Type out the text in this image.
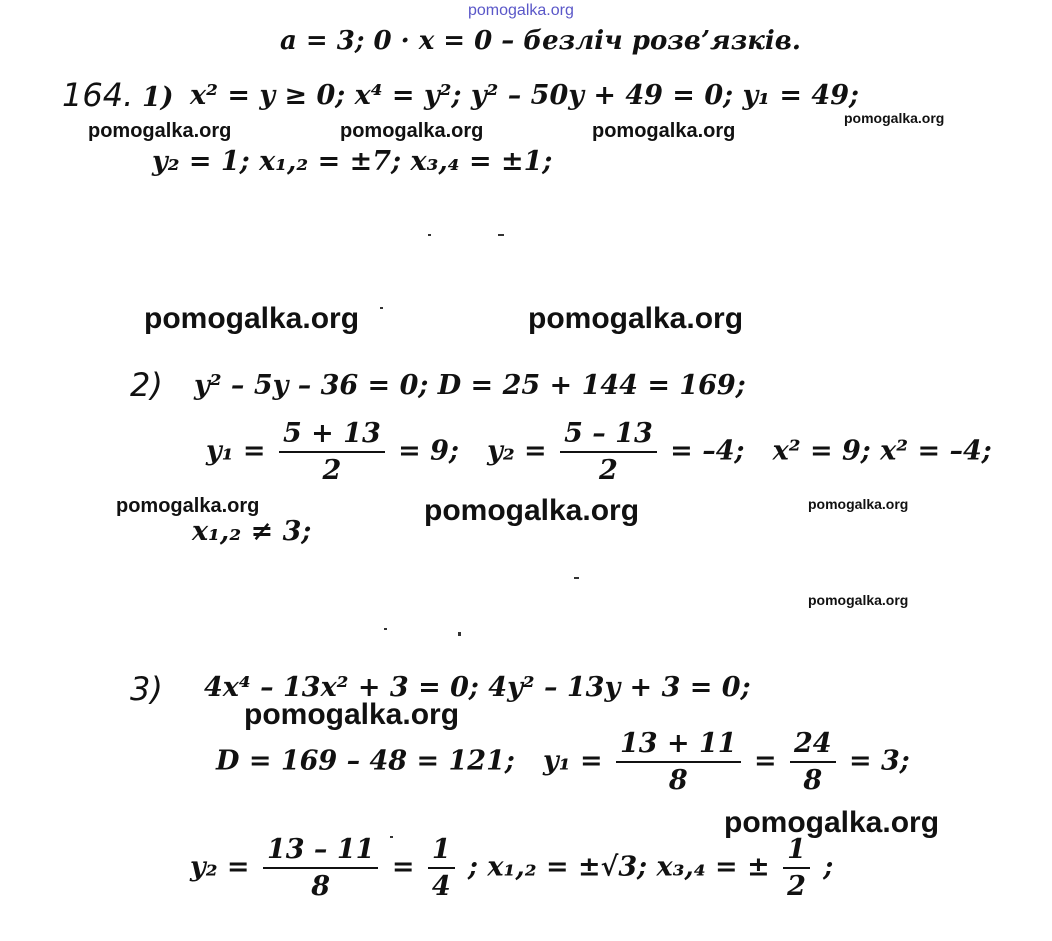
pomogalka.org
pomogalka.org	pomogalka.org	pomogalka.org
pomogalka.org
pomogalka.org	pomogalka.org
pomogalka.org	pomogalka.org	pomogalka.org
pomogalka.org
pomogalka.org
pomogalka.org
a = 3; 0 · x = 0 – безліч розв’язків.
164. 1) x² = y ≥ 0; x⁴ = y²; y² – 50y + 49 = 0; y₁ = 49;
y₂ = 1; x₁,₂ = ±7; x₃,₄ = ±1;
2) y² – 5y – 36 = 0; D = 25 + 144 = 169;
$y_1 = \frac{5 + 13}{2} = 9$; $y_2 = \frac{5 - 13}{2} = -4$; x² = 9; x² = –4;
x₁,₂ ≠ 3;
3) 4x⁴ – 13x² + 3 = 0; 4y² – 13y + 3 = 0;
D = 169 – 48 = 121; $y_1 = \frac{13 + 11}{8} = \frac{24}{8} = 3$;
$y_2 = \frac{13 - 11}{8} = \frac{1}{4}$ ; x₁,₂ = ±√3; x₃,₄ = ± $\frac{1}{2}$ ;
